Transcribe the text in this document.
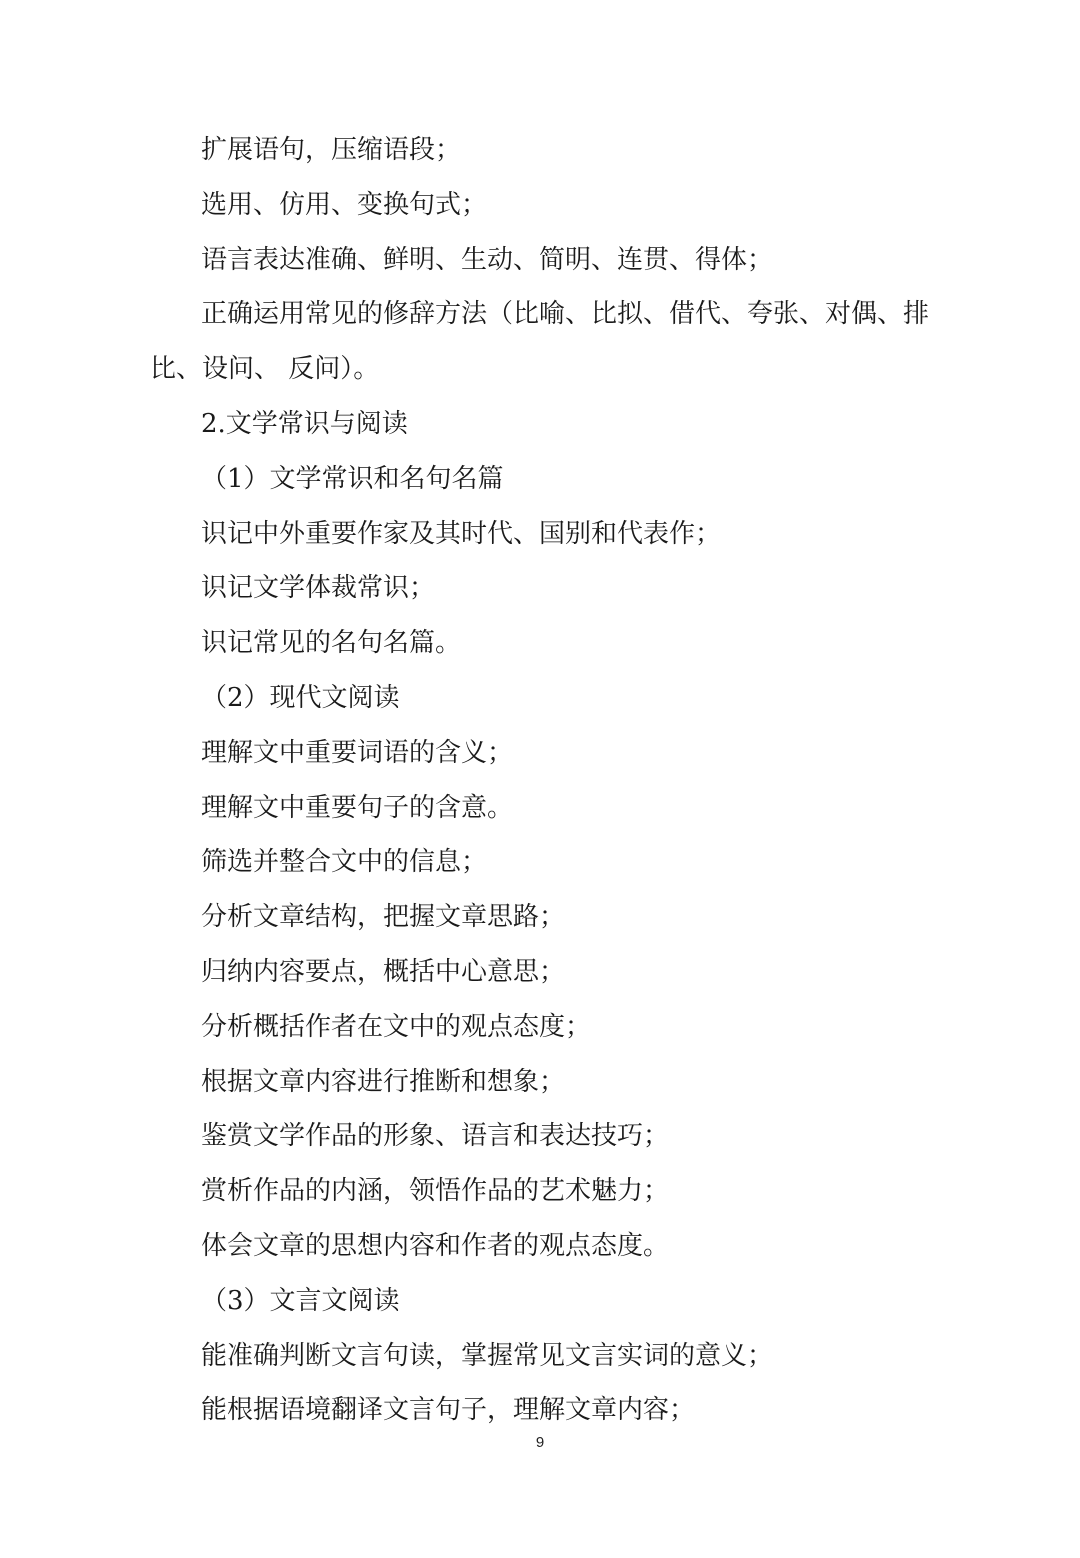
扩展语句，压缩语段；
选用、仿用、变换句式；
语言表达准确、鲜明、生动、简明、连贯、得体；
正确运用常见的修辞方法（比喻、比拟、借代、夸张、对偶、排
比、设问、 反问）。
2.文学常识与阅读
（1）文学常识和名句名篇
识记中外重要作家及其时代、国别和代表作；
识记文学体裁常识；
识记常见的名句名篇。
（2）现代文阅读
理解文中重要词语的含义；
理解文中重要句子的含意。
筛选并整合文中的信息；
分析文章结构，把握文章思路；
归纳内容要点，概括中心意思；
分析概括作者在文中的观点态度；
根据文章内容进行推断和想象；
鉴赏文学作品的形象、语言和表达技巧；
赏析作品的内涵，领悟作品的艺术魅力；
体会文章的思想内容和作者的观点态度。
（3）文言文阅读
能准确判断文言句读，掌握常见文言实词的意义；
能根据语境翻译文言句子，理解文章内容；
9
